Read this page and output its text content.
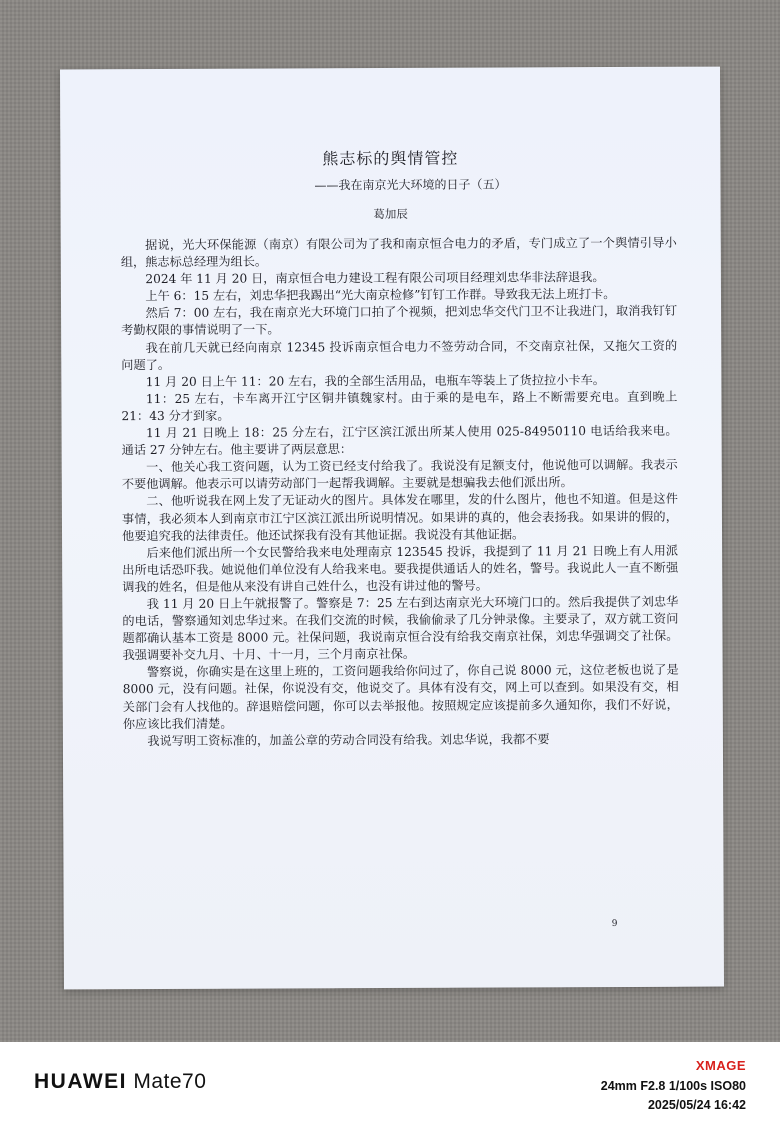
熊志标的舆情管控
——我在南京光大环境的日子（五）
葛加辰

据说，光大环保能源（南京）有限公司为了我和南京恒合电力的矛盾，专门成立了一个舆情引导小组，熊志标总经理为组长。

2024 年 11 月 20 日，南京恒合电力建设工程有限公司项目经理刘忠华非法辞退我。

上午 6：15 左右，刘忠华把我踢出“光大南京检修”钉钉工作群。导致我无法上班打卡。

然后 7：00 左右，我在南京光大环境门口拍了个视频，把刘忠华交代门卫不让我进门，取消我钉钉考勤权限的事情说明了一下。

我在前几天就已经向南京 12345 投诉南京恒合电力不签劳动合同，不交南京社保，又拖欠工资的问题了。

11 月 20 日上午 11：20 左右，我的全部生活用品，电瓶车等装上了货拉拉小卡车。

11：25 左右，卡车离开江宁区铜井镇魏家村。由于乘的是电车，路上不断需要充电。直到晚上 21：43 分才到家。

11 月 21 日晚上 18：25 分左右，江宁区滨江派出所某人使用 025-84950110 电话给我来电。通话 27 分钟左右。他主要讲了两层意思：

一、他关心我工资问题，认为工资已经支付给我了。我说没有足额支付，他说他可以调解。我表示不要他调解。他表示可以请劳动部门一起帮我调解。主要就是想骗我去他们派出所。

二、他听说我在网上发了无证动火的图片。具体发在哪里，发的什么图片，他也不知道。但是这件事情，我必须本人到南京市江宁区滨江派出所说明情况。如果讲的真的，他会表扬我。如果讲的假的，他要追究我的法律责任。他还试探我有没有其他证据。我说没有其他证据。

后来他们派出所一个女民警给我来电处理南京 123545 投诉，我提到了 11 月 21 日晚上有人用派出所电话恐吓我。她说他们单位没有人给我来电。要我提供通话人的姓名，警号。我说此人一直不断强调我的姓名，但是他从来没有讲自己姓什么，也没有讲过他的警号。

我 11 月 20 日上午就报警了。警察是 7：25 左右到达南京光大环境门口的。然后我提供了刘忠华的电话，警察通知刘忠华过来。在我们交流的时候，我偷偷录了几分钟录像。主要录了，双方就工资问题都确认基本工资是 8000 元。社保问题，我说南京恒合没有给我交南京社保，刘忠华强调交了社保。我强调要补交九月、十月、十一月，三个月南京社保。

警察说，你确实是在这里上班的，工资问题我给你问过了，你自己说 8000 元，这位老板也说了是 8000 元，没有问题。社保，你说没有交，他说交了。具体有没有交，网上可以查到。如果没有交，相关部门会有人找他的。辞退赔偿问题，你可以去举报他。按照规定应该提前多久通知你，我们不好说，你应该比我们清楚。

我说写明工资标准的，加盖公章的劳动合同没有给我。刘忠华说，我都不要

9
HUAWEI Mate70
XMAGE
24mm F2.8 1/100s ISO80
2025/05/24 16:42
